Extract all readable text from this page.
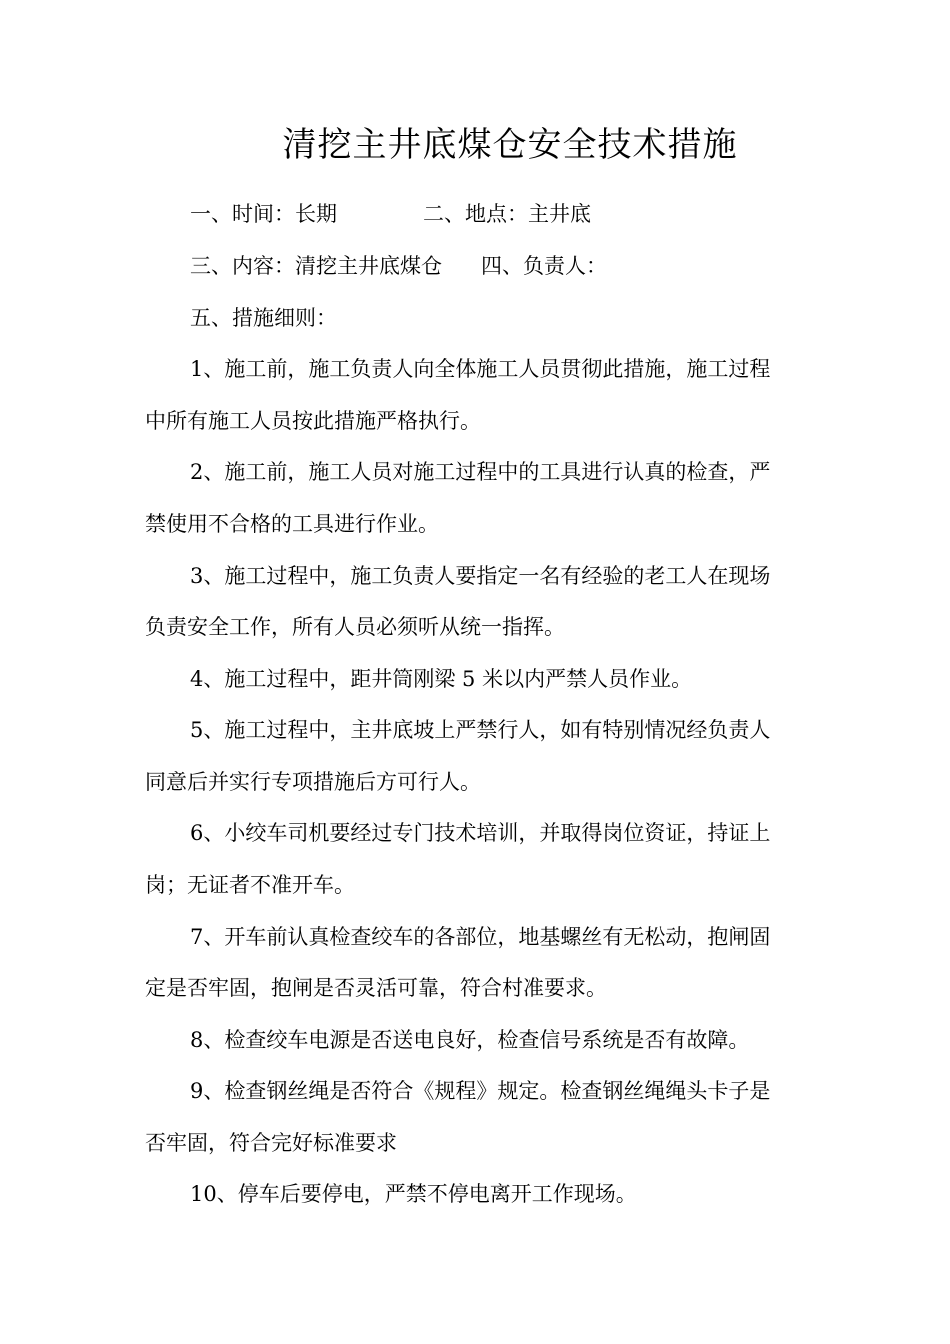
清挖主井底煤仓安全技术措施
一、时间：长期	二、地点：主井底
三、内容：清挖主井底煤仓 四、负责人：
五、措施细则：
1、施工前，施工负责人向全体施工人员贯彻此措施，施工过程
中所有施工人员按此措施严格执行。
2、施工前，施工人员对施工过程中的工具进行认真的检查，严
禁使用不合格的工具进行作业。
3、施工过程中，施工负责人要指定一名有经验的老工人在现场
负责安全工作，所有人员必须听从统一指挥。
4、施工过程中，距井筒刚梁 5 米以内严禁人员作业。
5、施工过程中，主井底坡上严禁行人，如有特别情况经负责人
同意后并实行专项措施后方可行人。
6、小绞车司机要经过专门技术培训，并取得岗位资证，持证上
岗；无证者不准开车。
7、开车前认真检查绞车的各部位，地基螺丝有无松动，抱闸固
定是否牢固，抱闸是否灵活可靠，符合村准要求。
8、检查绞车电源是否送电良好，检查信号系统是否有故障。
9、检查钢丝绳是否符合《规程》规定。检查钢丝绳绳头卡子是
否牢固，符合完好标准要求
10、停车后要停电，严禁不停电离开工作现场。
